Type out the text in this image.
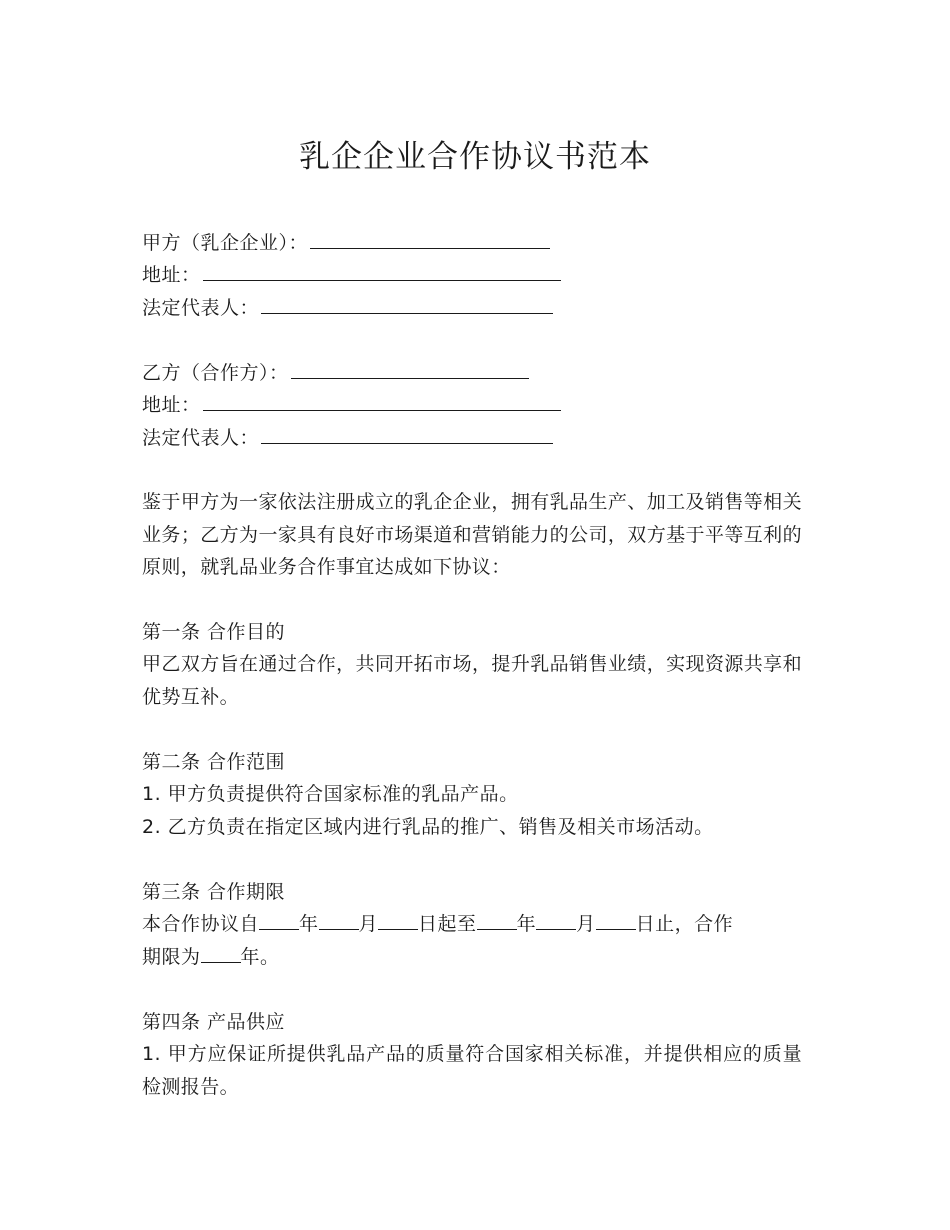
乳企企业合作协议书范本
甲方（乳企企业）：
地址：
法定代表人：
乙方（合作方）：
地址：
法定代表人：
鉴于甲方为一家依法注册成立的乳企企业，拥有乳品生产、加工及销售等相关业务；乙方为一家具有良好市场渠道和营销能力的公司，双方基于平等互利的原则，就乳品业务合作事宜达成如下协议：
第一条 合作目的
甲乙双方旨在通过合作，共同开拓市场，提升乳品销售业绩，实现资源共享和优势互补。
第二条 合作范围
1. 甲方负责提供符合国家标准的乳品产品。
2. 乙方负责在指定区域内进行乳品的推广、销售及相关市场活动。
第三条 合作期限
本合作协议自 年 月 日起至 年 月 日止，合作
期限为 年。
第四条 产品供应
1. 甲方应保证所提供乳品产品的质量符合国家相关标准，并提供相应的质量检测报告。
